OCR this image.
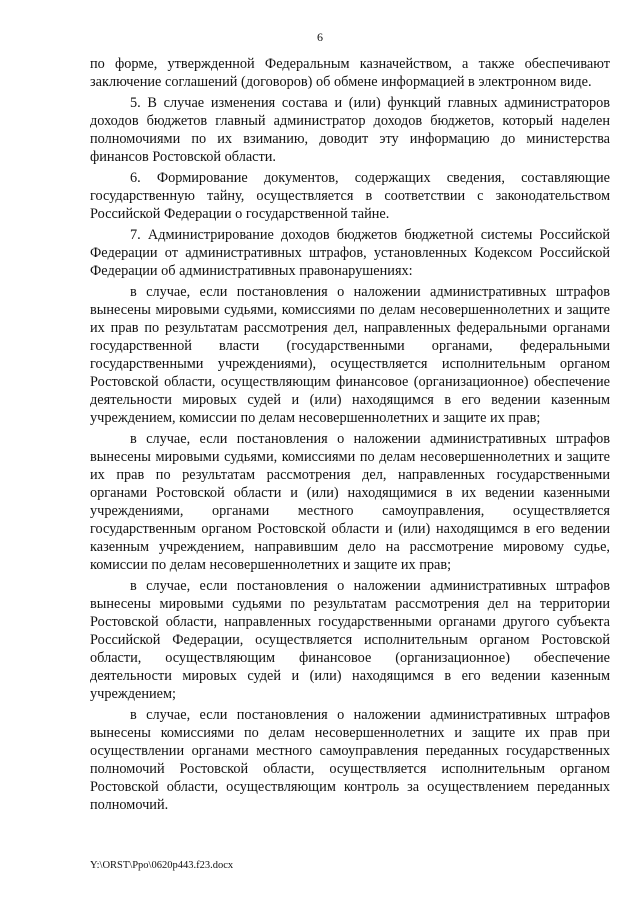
6

по форме, утвержденной Федеральным казначейством, а также обеспечивают заключение соглашений (договоров) об обмене информацией в электронном виде.

5. В случае изменения состава и (или) функций главных администраторов доходов бюджетов главный администратор доходов бюджетов, который наделен полномочиями по их взиманию, доводит эту информацию до министерства финансов Ростовской области.

6. Формирование документов, содержащих сведения, составляющие государственную тайну, осуществляется в соответствии с законодательством Российской Федерации о государственной тайне.

7. Администрирование доходов бюджетов бюджетной системы Российской Федерации от административных штрафов, установленных Кодексом Российской Федерации об административных правонарушениях:

в случае, если постановления о наложении административных штрафов вынесены мировыми судьями, комиссиями по делам несовершеннолетних и защите их прав по результатам рассмотрения дел, направленных федеральными органами государственной власти (государственными органами, федеральными государственными учреждениями), осуществляется исполнительным органом Ростовской области, осуществляющим финансовое (организационное) обеспечение деятельности мировых судей и (или) находящимся в его ведении казенным учреждением, комиссии по делам несовершеннолетних и защите их прав;

в случае, если постановления о наложении административных штрафов вынесены мировыми судьями, комиссиями по делам несовершеннолетних и защите их прав по результатам рассмотрения дел, направленных государственными органами Ростовской области и (или) находящимися в их ведении казенными учреждениями, органами местного самоуправления, осуществляется государственным органом Ростовской области и (или) находящимся в его ведении казенным учреждением, направившим дело на рассмотрение мировому судье, комиссии по делам несовершеннолетних и защите их прав;

в случае, если постановления о наложении административных штрафов вынесены мировыми судьями по результатам рассмотрения дел на территории Ростовской области, направленных государственными органами другого субъекта Российской Федерации, осуществляется исполнительным органом Ростовской области, осуществляющим финансовое (организационное) обеспечение деятельности мировых судей и (или) находящимся в его ведении казенным учреждением;

в случае, если постановления о наложении административных штрафов вынесены комиссиями по делам несовершеннолетних и защите их прав при осуществлении органами местного самоуправления переданных государственных полномочий Ростовской области, осуществляется исполнительным органом Ростовской области, осуществляющим контроль за осуществлением переданных полномочий.

Y:\ORST\Ppo\0620p443.f23.docx
